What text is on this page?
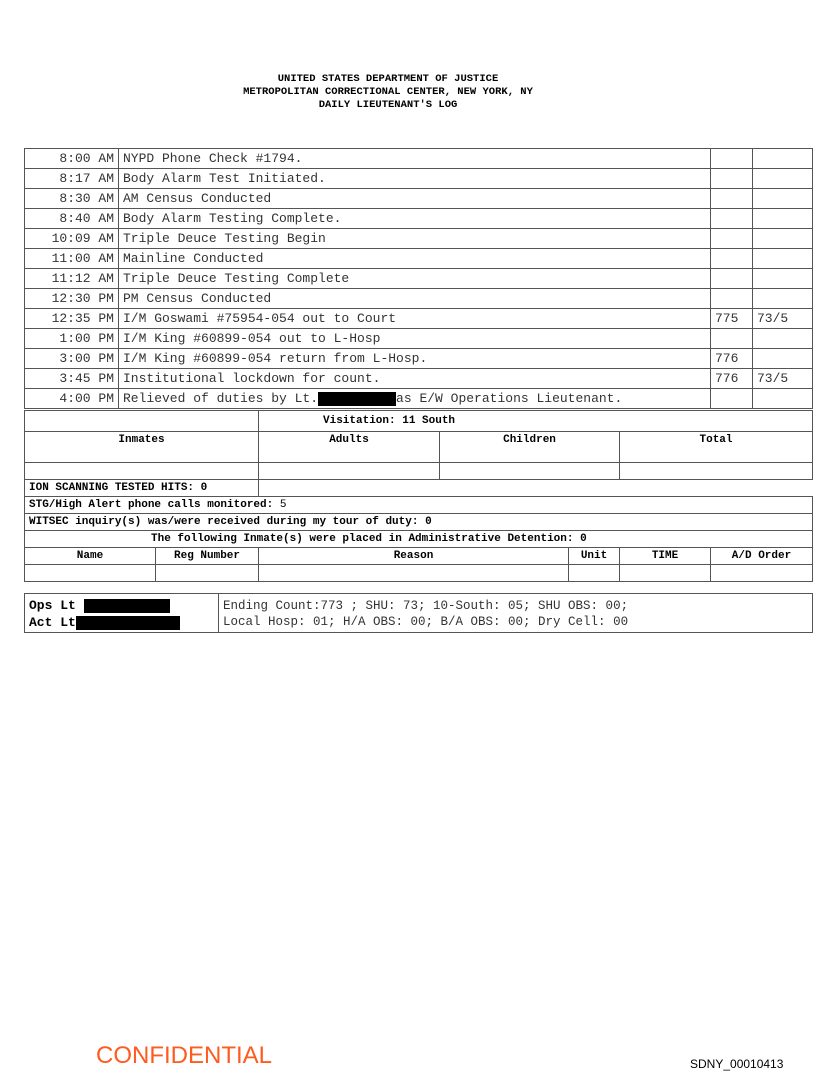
UNITED STATES DEPARTMENT OF JUSTICE
METROPOLITAN CORRECTIONAL CENTER, NEW YORK, NY
DAILY LIEUTENANT'S LOG
8:00 AM	NYPD Phone Check #1794.		
8:17 AM	Body Alarm Test Initiated.		
8:30 AM	AM Census Conducted		
8:40 AM	Body Alarm Testing Complete.		
10:09 AM	Triple Deuce Testing Begin		
11:00 AM	Mainline Conducted		
11:12 AM	Triple Deuce Testing Complete		
12:30 PM	PM Census Conducted		
12:35 PM	I/M Goswami #75954-054 out to Court	775	73/5
1:00 PM	I/M King #60899-054 out to L-Hosp		
3:00 PM	I/M King #60899-054 return from L-Hosp.	776	
3:45 PM	Institutional lockdown for count.	776	73/5
4:00 PM	Relieved of duties by Lt. as E/W Operations Lieutenant.		
	Visitation: 11 South		
Inmates	Adults	Children	Total

ION SCANNING TESTED HITS: 0					
STG/High Alert phone calls monitored: 5					
WITSEC inquiry(s) was/were received during my tour of duty: 0					
The following Inmate(s) were placed in Administrative Detention: 0					
Name	Reg Number	Reason	Unit	TIME	A/D Order

Ops Lt
Act Lt

Ending Count:773 ; SHU: 73; 10-South: 05; SHU OBS: 00;
Local Hosp: 01; H/A OBS: 00; B/A OBS: 00; Dry Cell: 00
CONFIDENTIAL	SDNY_00010413
